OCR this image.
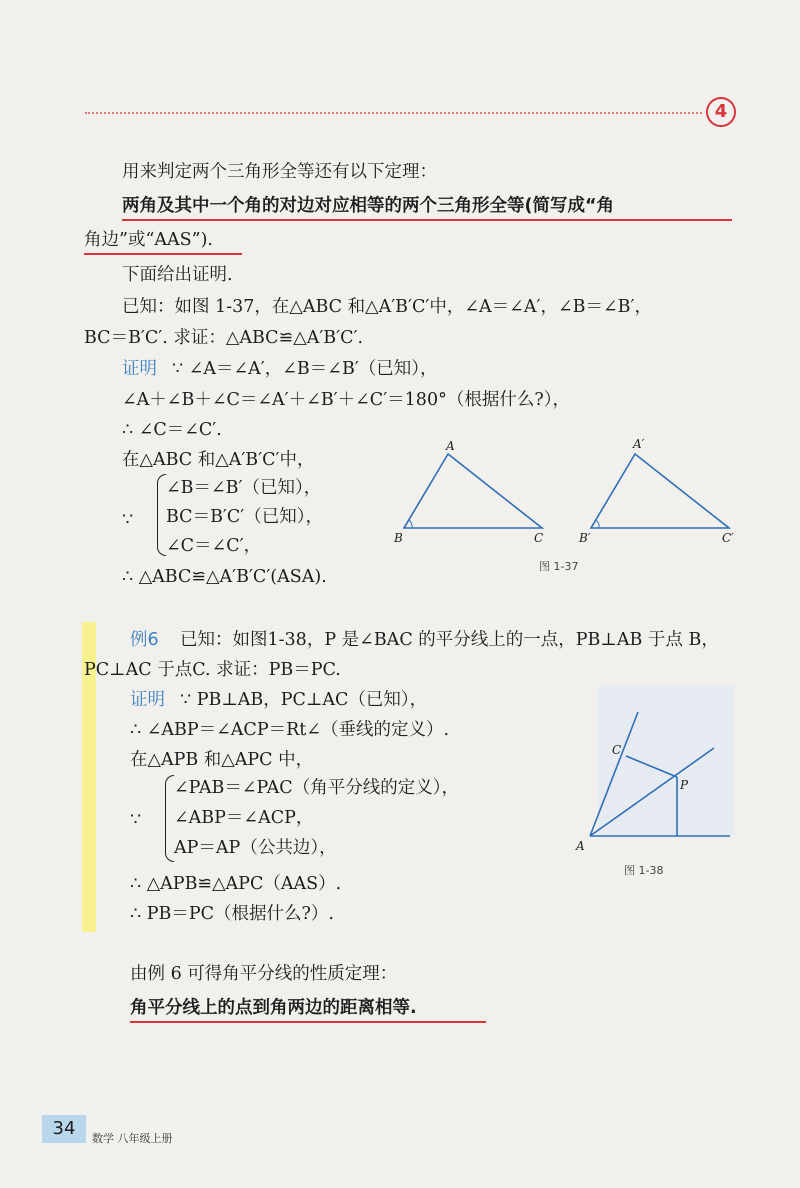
4
用来判定两个三角形全等还有以下定理：
两角及其中一个角的对边对应相等的两个三角形全等(简写成“角
角边”或“AAS”).
下面给出证明.
已知：如图 1-37，在△ABC 和△A′B′C′中，∠A＝∠A′，∠B＝∠B′，
BC＝B′C′. 求证：△ABC≌△A′B′C′.
证明 ∵ ∠A＝∠A′，∠B＝∠B′（已知），
∠A＋∠B＋∠C＝∠A′＋∠B′＋∠C′＝180°（根据什么?），
∴ ∠C＝∠C′.
在△ABC 和△A′B′C′中，
∵
∠B＝∠B′（已知），
BC＝B′C′（已知），
∠C＝∠C′，
∴ △ABC≌△A′B′C′(ASA).
A
B	C
A′
B′	C′
图 1-37
例6 已知：如图1-38，P 是∠BAC 的平分线上的一点，PB⊥AB 于点 B，
PC⊥AC 于点C. 求证：PB＝PC.
证明 ∵ PB⊥AB，PC⊥AC（已知），
∴ ∠ABP＝∠ACP＝Rt∠（垂线的定义）.
在△APB 和△APC 中，
∵
∠PAB＝∠PAC（角平分线的定义），
∠ABP＝∠ACP，
AP＝AP（公共边），
∴ △APB≌△APC（AAS）.
∴ PB＝PC（根据什么?）.
C
P
A
图 1-38
由例 6 可得角平分线的性质定理：
角平分线上的点到角两边的距离相等.
34	数学 八年级上册
